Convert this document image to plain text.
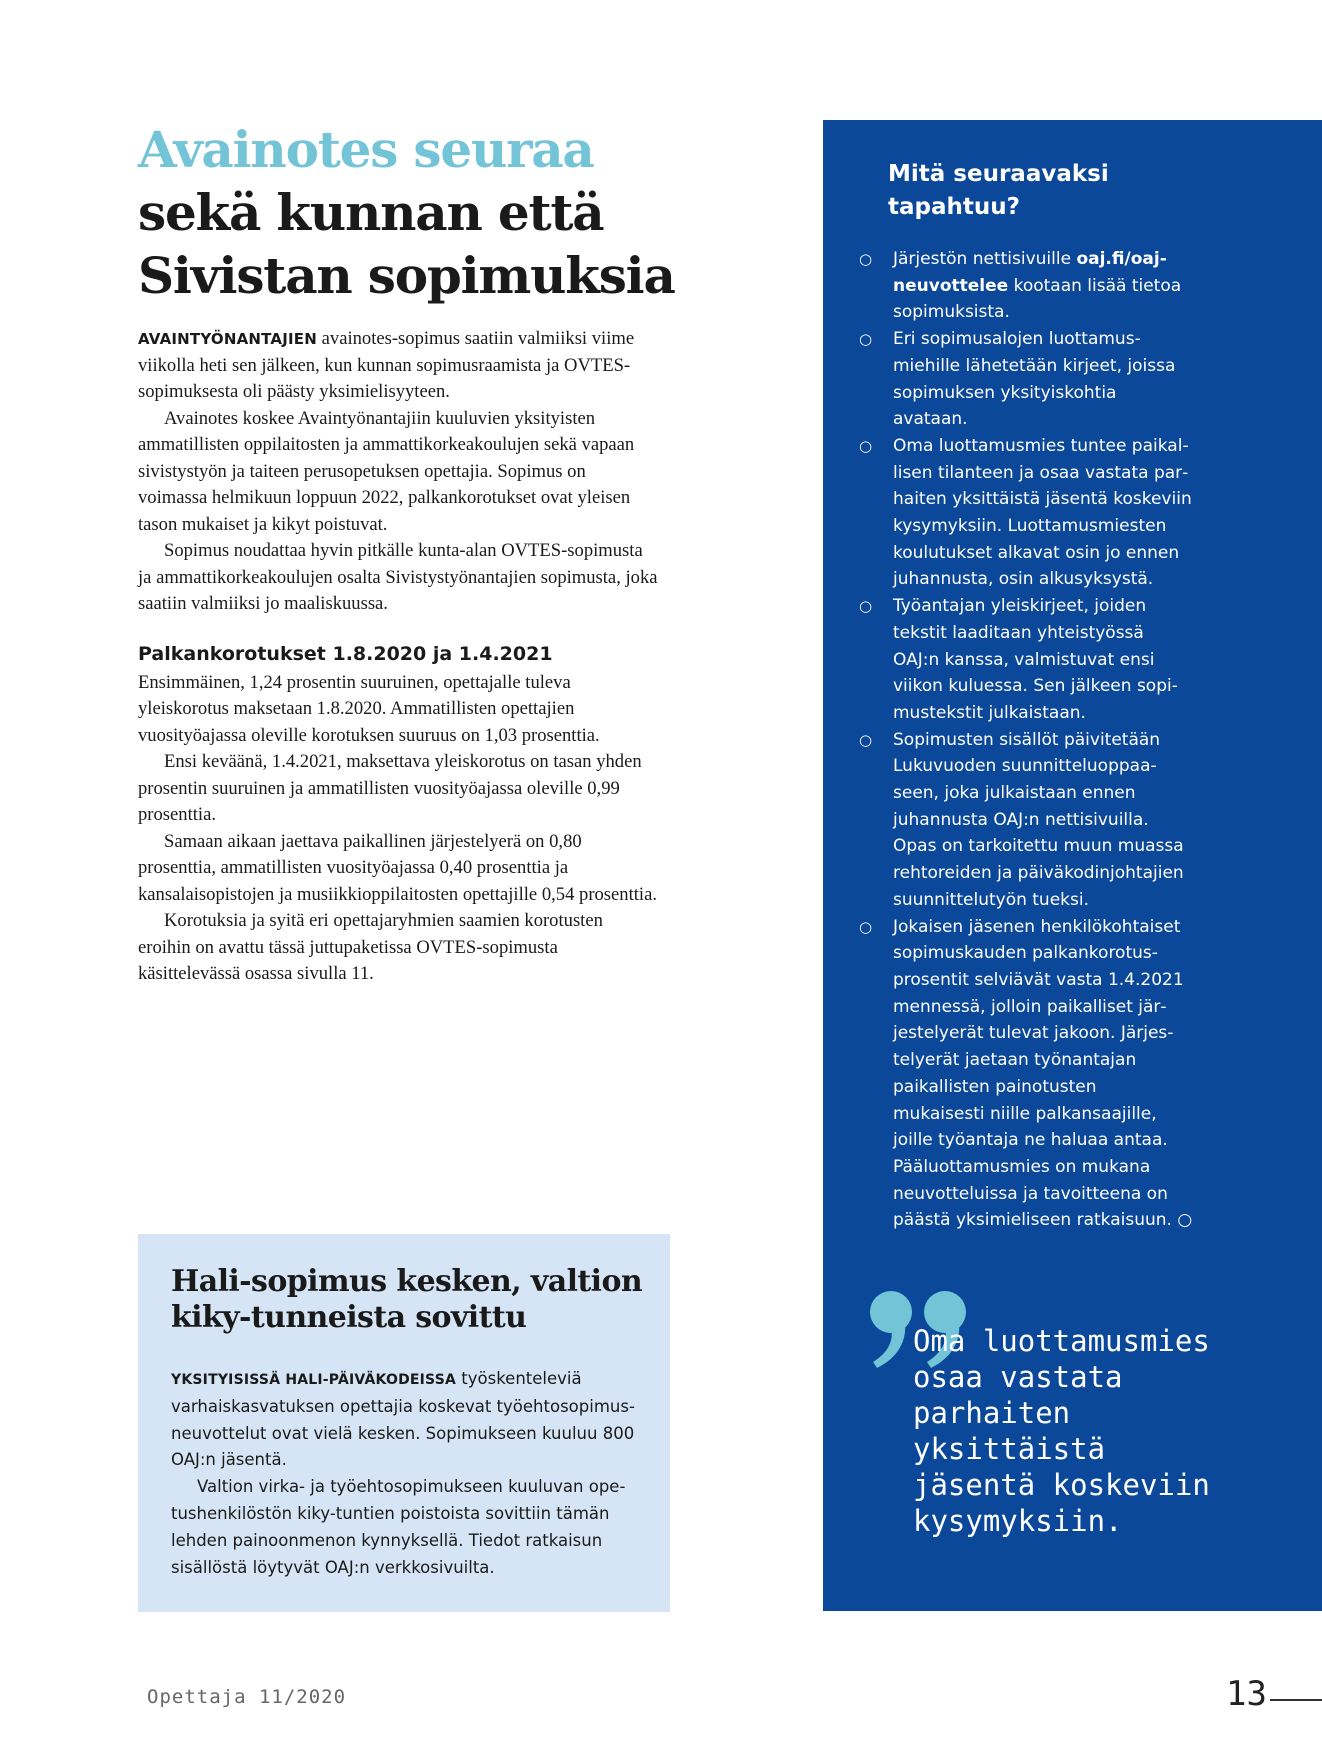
Avainotes seuraa
sekä kunnan että Sivistan sopimuksia

AVAINTYÖNANTAJIEN avainotes-sopimus saatiin valmiiksi viime viikolla heti sen jälkeen, kun kunnan sopimusraamista ja OVTES-sopimuksesta oli päästy yksimielisyyteen.

Avainotes koskee Avaintyönantajiin kuuluvien yksityisten ammatillisten oppilaitosten ja ammattikorkeakoulujen sekä vapaan sivistystyön ja taiteen perusopetuksen opettajia. Sopimus on voimassa helmikuun loppuun 2022, palkankorotukset ovat yleisen tason mukaiset ja kikyt poistuvat.

Sopimus noudattaa hyvin pitkälle kunta-alan OVTES-sopimusta ja ammattikorkeakoulujen osalta Sivistystyönantajien sopimusta, joka saatiin valmiiksi jo maaliskuussa.

Palkankorotukset 1.8.2020 ja 1.4.2021

Ensimmäinen, 1,24 prosentin suuruinen, opettajalle tuleva yleiskorotus maksetaan 1.8.2020. Ammatillisten opettajien vuosityöajassa oleville korotuksen suuruus on 1,03 prosenttia.

Ensi keväänä, 1.4.2021, maksettava yleiskorotus on tasan yhden prosentin suuruinen ja ammatillisten vuosityöajassa oleville 0,99 prosenttia.

Samaan aikaan jaettava paikallinen järjestelyerä on 0,80 prosenttia, ammatillisten vuosityöajassa 0,40 prosenttia ja kansalaisopistojen ja musiikkioppilaitosten opettajille 0,54 prosenttia.

Korotuksia ja syitä eri opettajaryhmien saamien korotusten eroihin on avattu tässä juttupaketissa OVTES-sopimusta käsittelevässä osassa sivulla 11.

Hali-sopimus kesken, valtion kiky-tunneista sovittu

YKSITYISISSÄ HALI-PÄIVÄKODEISSA työskenteleviä varhaiskasvatuksen opettajia koskevat työehtosopimusneuvottelut ovat vielä kesken. Sopimukseen kuuluu 800 OAJ:n jäsentä.

Valtion virka- ja työehtosopimukseen kuuluvan opetushenkilöstön kiky-tuntien poistoista sovittiin tämän lehden painoonmenon kynnyksellä. Tiedot ratkaisun sisällöstä löytyvät OAJ:n verkkosivuilta.

Mitä seuraavaksi tapahtuu?
○ Järjestön nettisivuille oaj.fi/oajneuvottelee kootaan lisää tietoa sopimuksista.
○ Eri sopimusalojen luottamusmiehille lähetetään kirjeet, joissa sopimuksen yksityiskohtia avataan.
○ Oma luottamusmies tuntee paikallisen tilanteen ja osaa vastata parhaiten yksittäistä jäsentä koskeviin kysymyksiin. Luottamusmiesten koulutukset alkavat osin jo ennen juhannusta, osin alkusyksystä.
○ Työantajan yleiskirjeet, joiden tekstit laaditaan yhteistyössä OAJ:n kanssa, valmistuvat ensi viikon kuluessa. Sen jälkeen sopimustekstit julkaistaan.
○ Sopimusten sisällöt päivitetään Lukuvuoden suunnitteluoppaaseen, joka julkaistaan ennen juhannusta OAJ:n nettisivuilla. Opas on tarkoitettu muun muassa rehtoreiden ja päiväkodinjohtajien suunnittelutyön tueksi.
○ Jokaisen jäsenen henkilökohtaiset sopimuskauden palkankorotusprosentit selviävät vasta 1.4.2021 mennessä, jolloin paikalliset järjestelyerät tulevat jakoon. Järjestelyerät jaetaan työnantajan paikallisten painotusten mukaisesti niille palkansaajille, joille työantaja ne haluaa antaa. Pääluottamusmies on mukana neuvotteluissa ja tavoitteena on päästä yksimieliseen ratkaisuun. ○

Oma luottamusmies
osaa vastata
parhaiten
yksittäistä
jäsentä koskeviin
kysymyksiin.

Opettaja 11/2020	13
